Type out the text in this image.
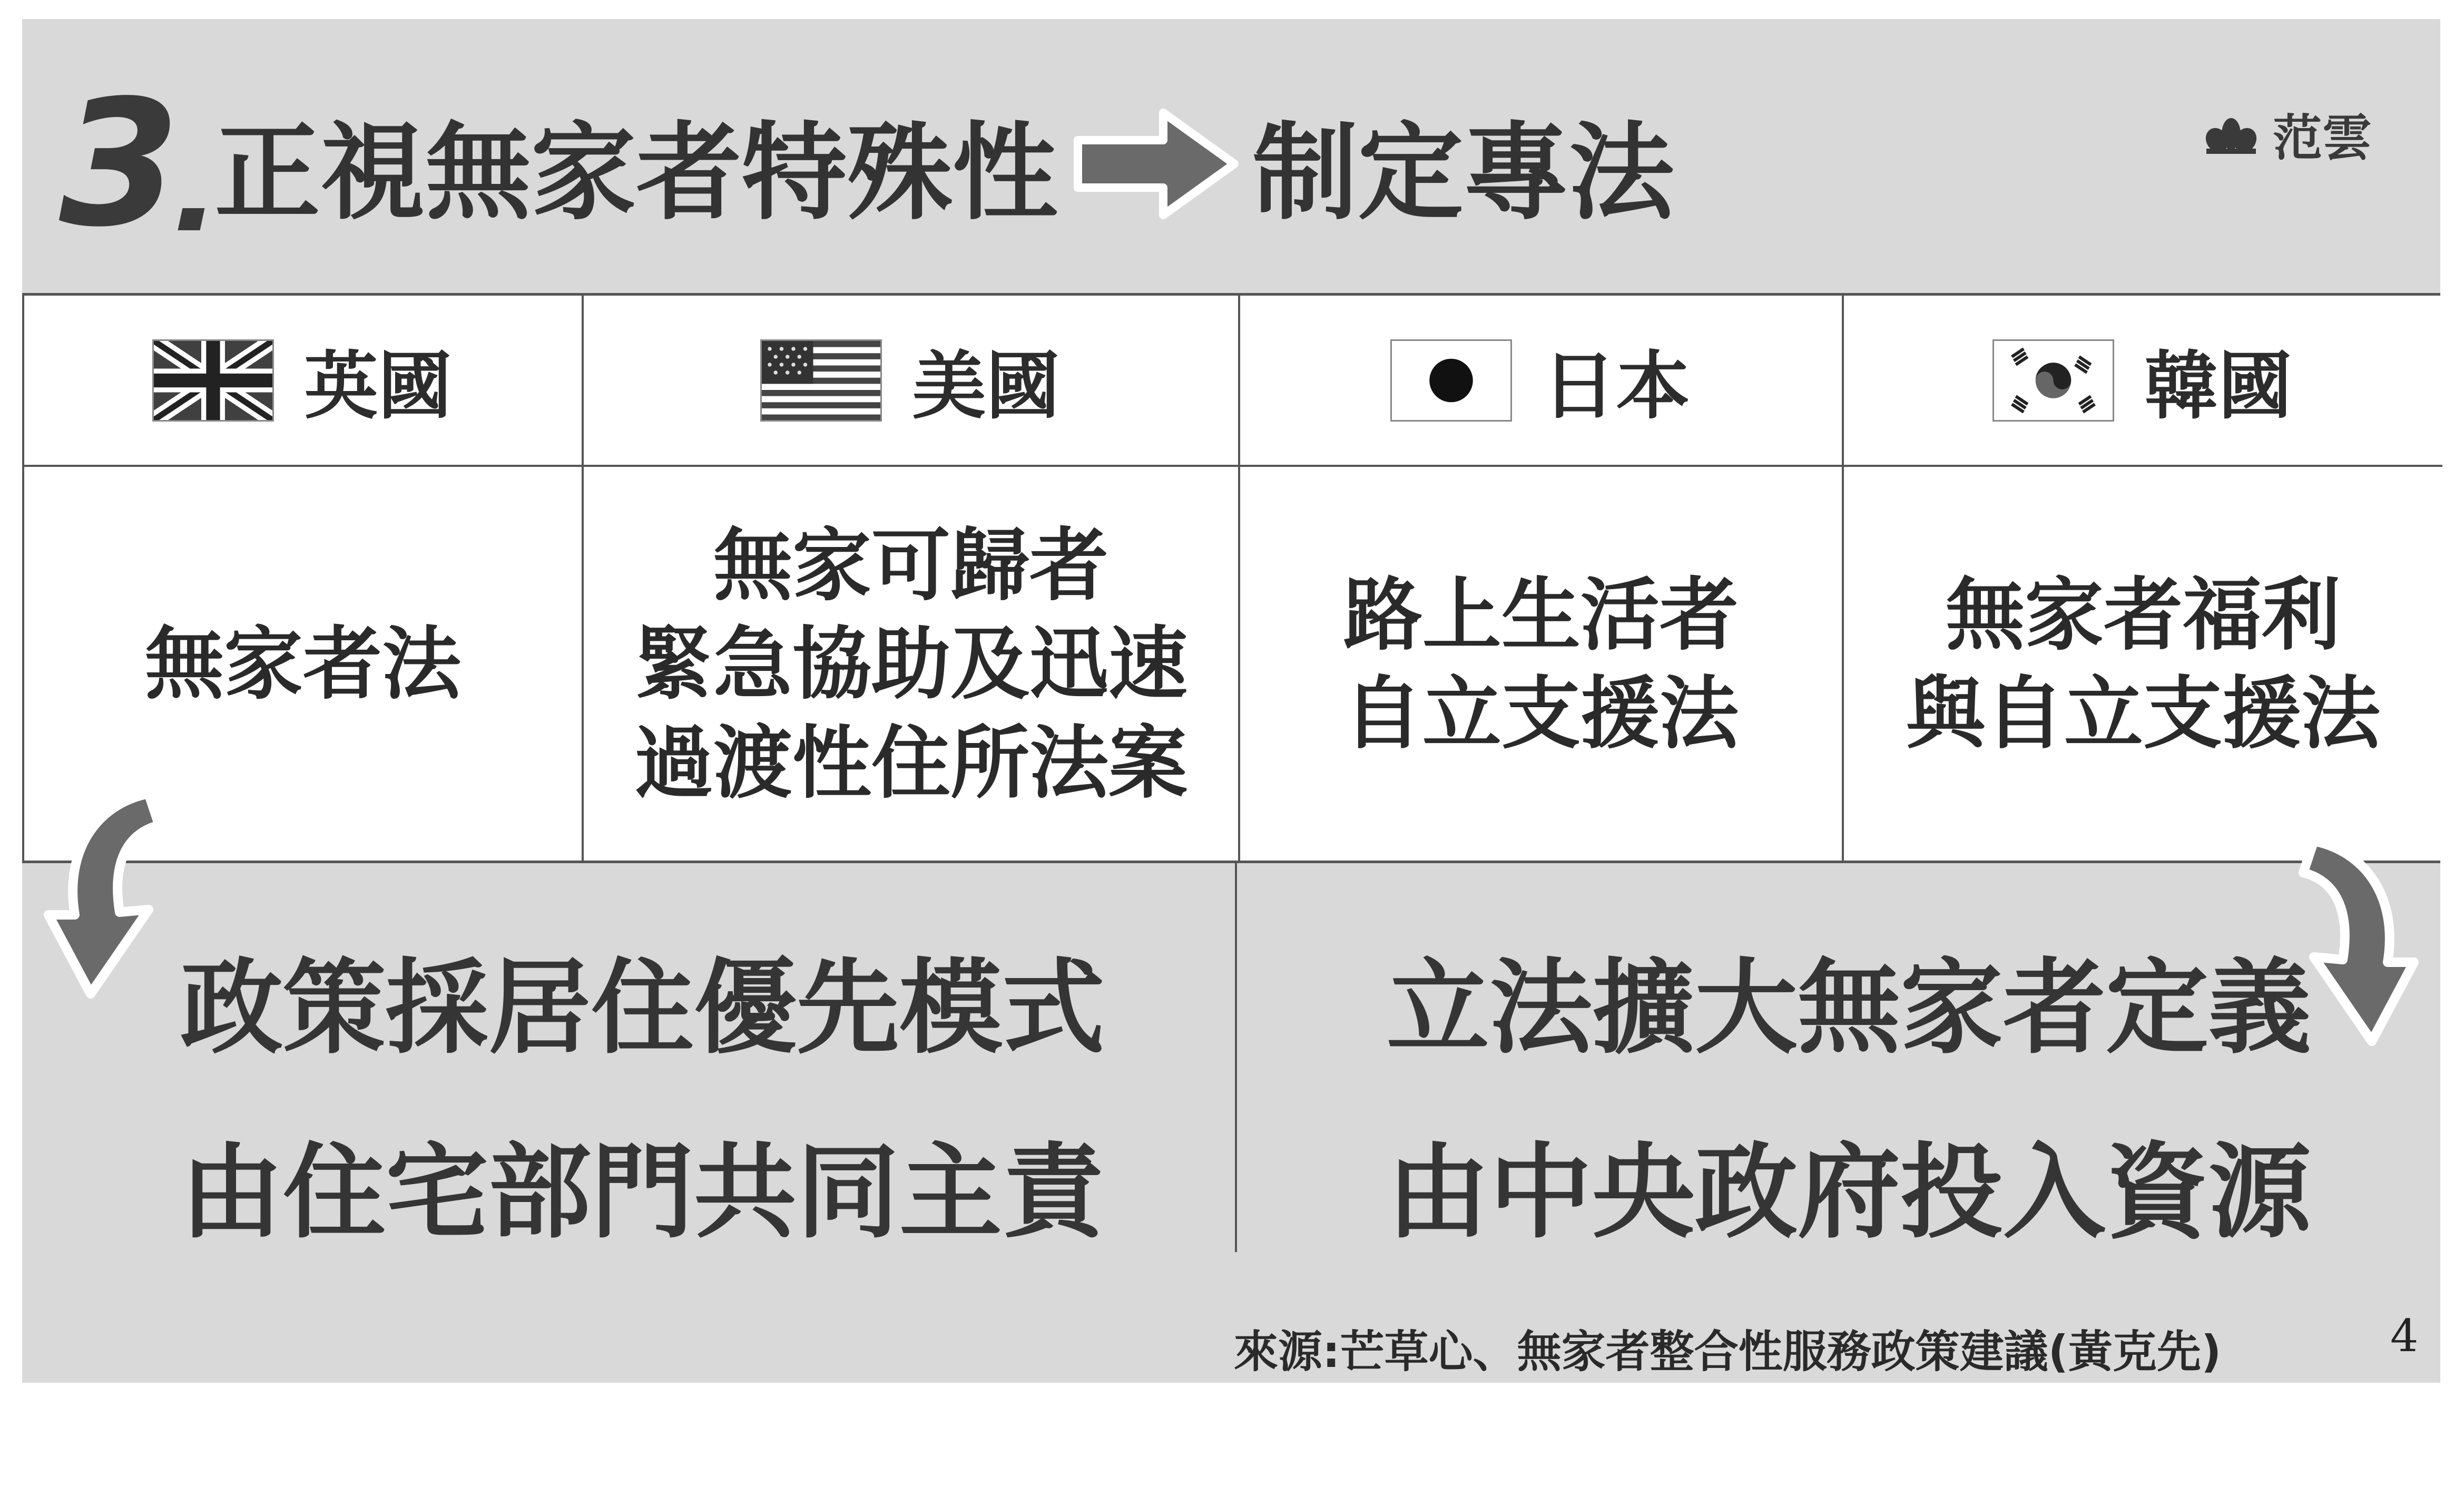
3 正視無家者特殊性 制定專法	范雲
英國
無家者法
美國
無家可歸者
緊急協助及迅速
過渡性住所法案
日本
路上生活者
自立支援法
韓國
無家者福利
與自立支援法
政策採居住優先模式
由住宅部門共同主責
立法擴大無家者定義
由中央政府投入資源
來源:芒草心、無家者整合性服務政策建議(黃克先)	4
